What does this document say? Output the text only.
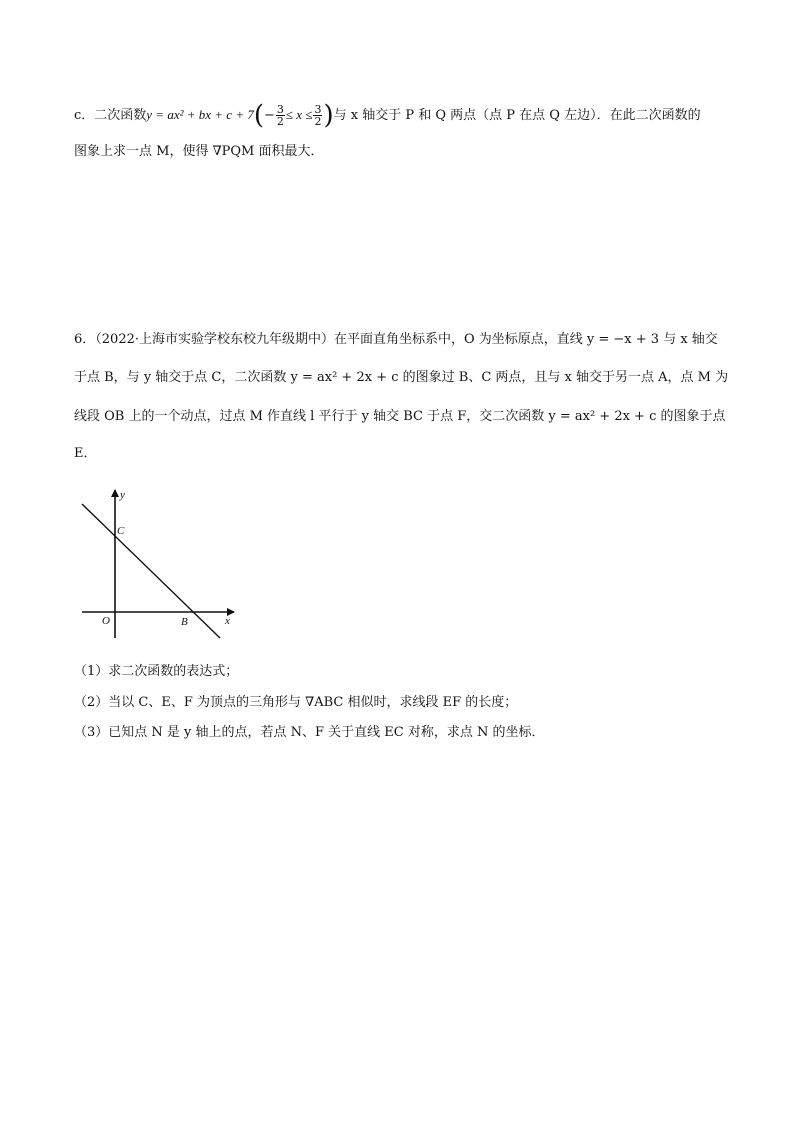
c．二次函数y = ax² + bx + $c + 7(- \frac{3}{2} \le x \le \frac{3}{2}$ )与 x 轴交于 P 和 Q 两点（点 P 在点 Q 左边）．在此二次函数的
图象上求一点 M，使得 ∇PQM 面积最大．
6．（2022·上海市实验学校东校九年级期中）在平面直角坐标系中，O 为坐标原点，直线 y = −x + 3 与 x 轴交
于点 B，与 y 轴交于点 C，二次函数 y = ax² + 2x + c 的图象过 B、C 两点，且与 x 轴交于另一点 A，点 M 为
线段 OB 上的一个动点，过点 M 作直线 l 平行于 y 轴交 BC 于点 F，交二次函数 y = ax² + 2x + c 的图象于点
E．
y
x
C
O	B
（1）求二次函数的表达式；
（2）当以 C、E、F 为顶点的三角形与 ∇ABC 相似时，求线段 EF 的长度；
（3）已知点 N 是 y 轴上的点，若点 N、F 关于直线 EC 对称，求点 N 的坐标．
